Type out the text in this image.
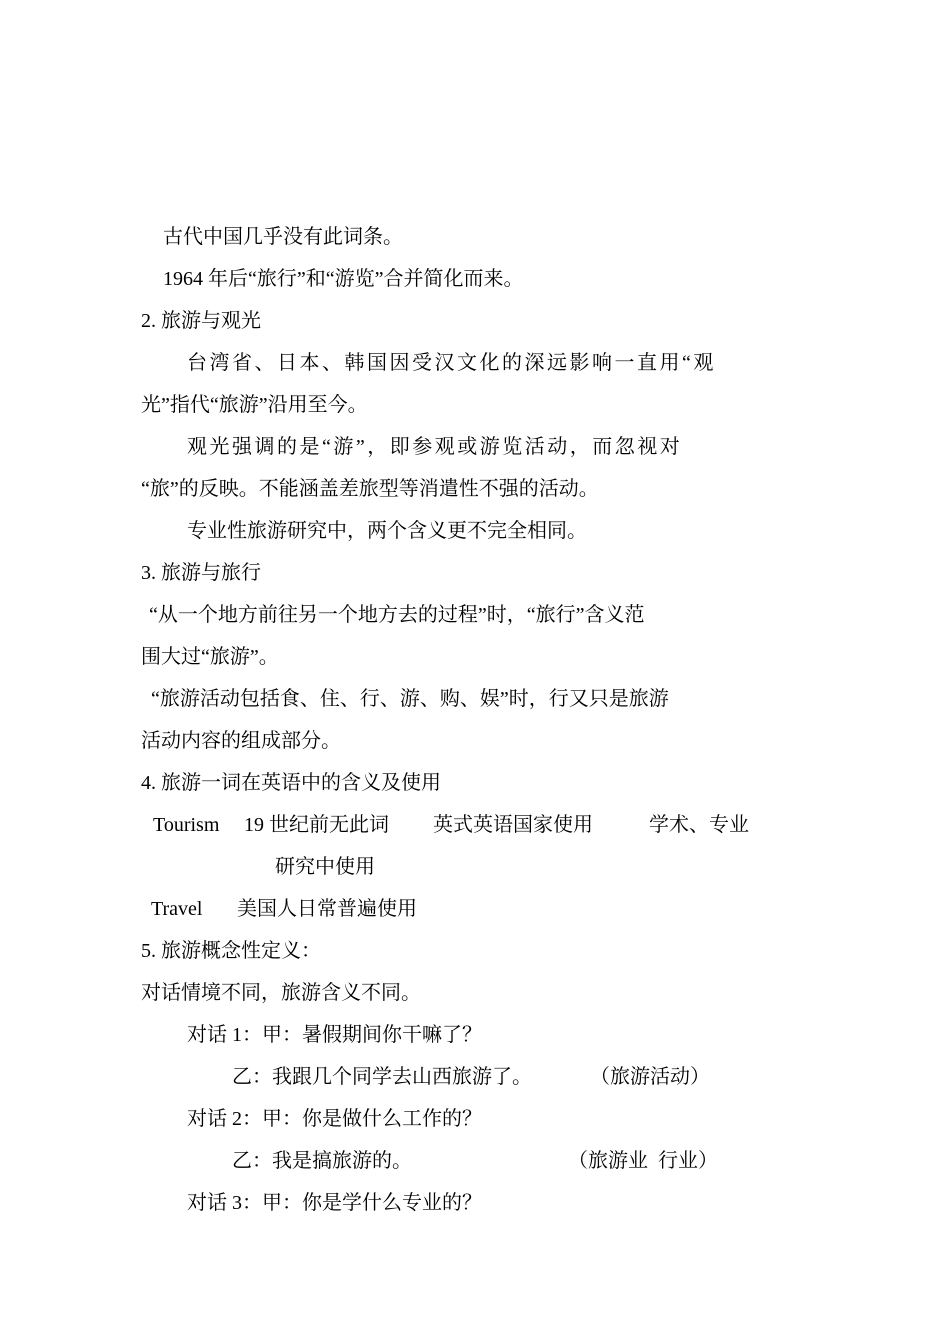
古代中国几乎没有此词条。
1964 年后“旅行”和“游览”合并简化而来。
2. 旅游与观光
台湾省、日本、韩国因受汉文化的深远影响一直用“观
光”指代“旅游”沿用至今。
观光强调的是“游”，即参观或游览活动，而忽视对
“旅”的反映。不能涵盖差旅型等消遣性不强的活动。
专业性旅游研究中，两个含义更不完全相同。
3. 旅游与旅行
“从一个地方前往另一个地方去的过程”时，“旅行”含义范
围大过“旅游”。
“旅游活动包括食、住、行、游、购、娱”时，行又只是旅游
活动内容的组成部分。
4. 旅游一词在英语中的含义及使用
Tourism 19 世纪前无此词 英式英语国家使用	学术、专业
研究中使用
Travel 美国人日常普遍使用
5. 旅游概念性定义：
对话情境不同，旅游含义不同。
对话 1：甲：暑假期间你干嘛了？
乙：我跟几个同学去山西旅游了。	（旅游活动）
对话 2：甲：你是做什么工作的？
乙：我是搞旅游的。	（旅游业  行业）
对话 3：甲：你是学什么专业的？
